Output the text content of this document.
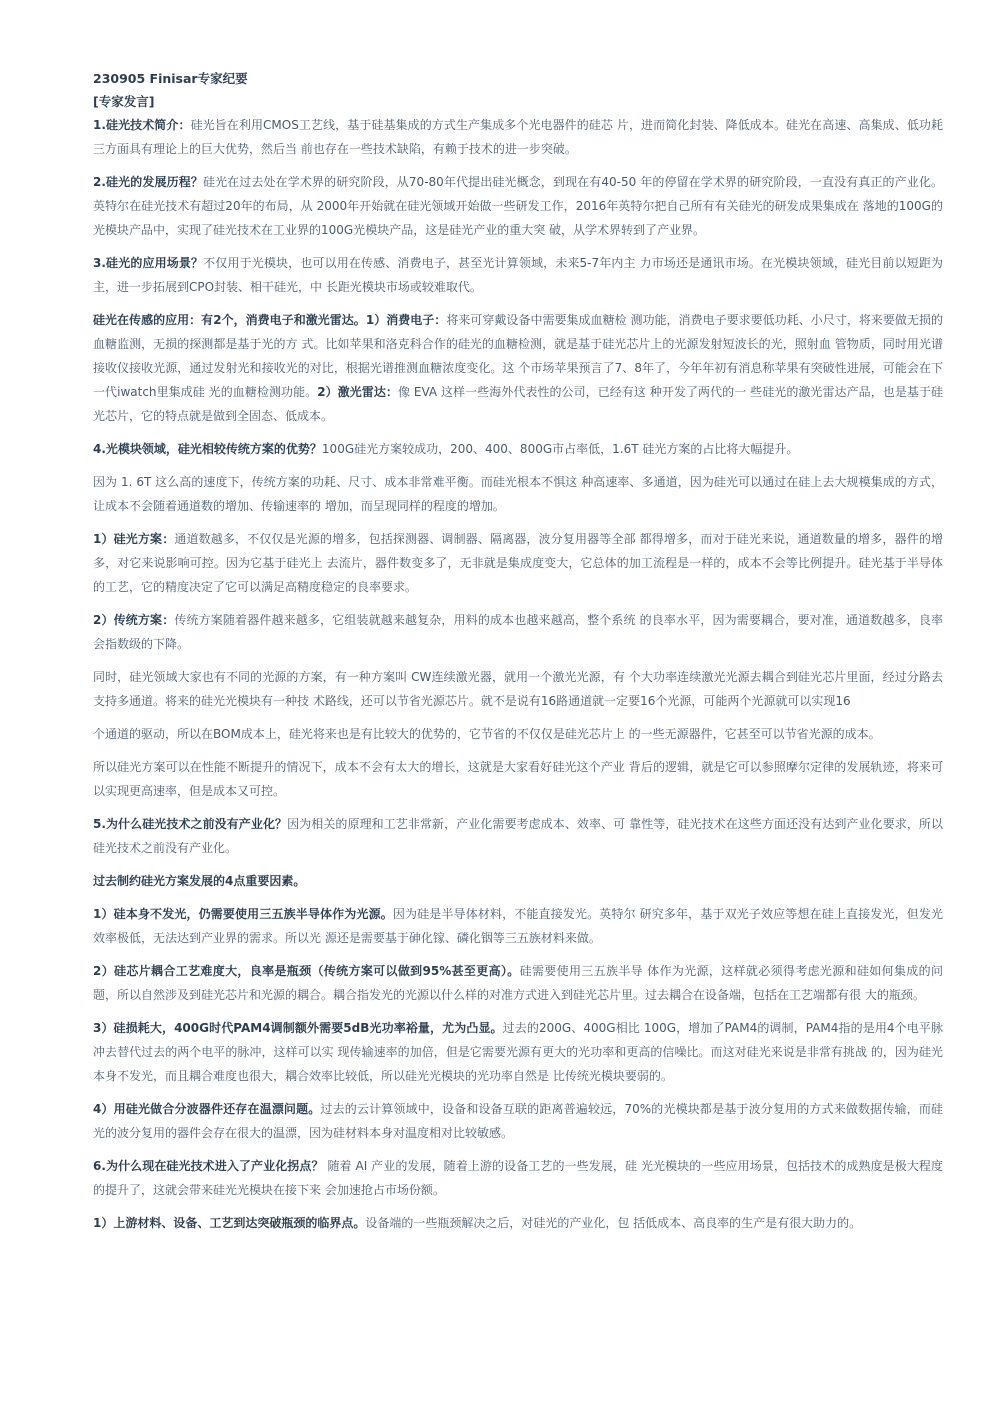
230905 Finisar专家纪要
[专家发言]

1.硅光技术简介：硅光旨在利用CMOS工艺线，基于硅基集成的方式生产集成多个光电器件的硅芯 片，进而简化封装、降低成本。硅光在高速、高集成、低功耗三方面具有理论上的巨大优势，然后当 前也存在一些技术缺陷，有赖于技术的进一步突破。

2.硅光的发展历程？硅光在过去处在学术界的研究阶段，从70-80年代提出硅光概念，到现在有40-50 年的停留在学术界的研究阶段，一直没有真正的产业化。英特尔在硅光技术有超过20年的布局，从 2000年开始就在硅光领域开始做一些研发工作，2016年英特尔把自己所有有关硅光的研发成果集成在 落地的100G的光模块产品中，实现了硅光技术在工业界的100G光模块产品，这是硅光产业的重大突 破，从学术界转到了产业界。

3.硅光的应用场景？不仅用于光模块，也可以用在传感、消费电子，甚至光计算领域，未来5-7年内主 力市场还是通讯市场。在光模块领域，硅光目前以短距为主，进一步拓展到CPO封装、相干硅光，中 长距光模块市场或较难取代。

硅光在传感的应用：有2个，消费电子和激光雷达。1）消费电子：将来可穿戴设备中需要集成血糖检 测功能，消费电子要求要低功耗、小尺寸，将来要做无损的血糖监测，无损的探测都是基于光的方 式。比如苹果和洛克科合作的硅光的血糖检测，就是基于硅光芯片上的光源发射短波长的光，照射血 管物质，同时用光谱接收仪接收光源，通过发射光和接收光的对比，根据光谱推测血糖浓度变化。这 个市场苹果预言了7、8年了，今年年初有消息称苹果有突破性进展，可能会在下一代iwatch里集成硅 光的血糖检测功能。2）激光雷达：像 EVA 这样一些海外代表性的公司，已经有这 种开发了两代的一 些硅光的激光雷达产品，也是基于硅光芯片，它的特点就是做到全固态、低成本。

4.光模块领域，硅光相较传统方案的优势？100G硅光方案较成功，200、400、800G市占率低，1.6T 硅光方案的占比将大幅提升。

因为 1. 6T 这么高的速度下，传统方案的功耗、尺寸、成本非常难平衡。而硅光根本不惧这 种高速率、多通道，因为硅光可以通过在硅上去大规模集成的方式，让成本不会随着通道数的增加、传输速率的 增加，而呈现同样的程度的增加。

1）硅光方案：通道数越多，不仅仅是光源的增多，包括探测器、调制器、隔离器，波分复用器等全部 都得增多，而对于硅光来说，通道数量的增多，器件的增多，对它来说影响可控。因为它基于硅光上 去流片，器件数变多了，无非就是集成度变大，它总体的加工流程是一样的，成本不会等比例提升。硅光基于半导体的工艺，它的精度决定了它可以满足高精度稳定的良率要求。

2）传统方案：传统方案随着器件越来越多，它组装就越来越复杂，用料的成本也越来越高，整个系统 的良率水平，因为需要耦合，要对准，通道数越多，良率会指数级的下降。

同时，硅光领域大家也有不同的光源的方案，有一种方案叫 CW连续激光器，就用一个激光光源，有 个大功率连续激光光源去耦合到硅光芯片里面，经过分路去支持多通道。将来的硅光光模块有一种技 术路线，还可以节省光源芯片。就不是说有16路通道就一定要16个光源，可能两个光源就可以实现16

个通道的驱动，所以在BOM成本上，硅光将来也是有比较大的优势的，它节省的不仅仅是硅光芯片上 的一些无源器件，它甚至可以节省光源的成本。

所以硅光方案可以在性能不断提升的情况下，成本不会有太大的增长，这就是大家看好硅光这个产业 背后的逻辑，就是它可以参照摩尔定律的发展轨迹，将来可以实现更高速率，但是成本又可控。

5.为什么硅光技术之前没有产业化？因为相关的原理和工艺非常新，产业化需要考虑成本、效率、可 靠性等，硅光技术在这些方面还没有达到产业化要求，所以硅光技术之前没有产业化。

过去制约硅光方案发展的4点重要因素。

1）硅本身不发光，仍需要使用三五族半导体作为光源。因为硅是半导体材料，不能直接发光。英特尔 研究多年，基于双光子效应等想在硅上直接发光，但发光效率极低，无法达到产业界的需求。所以光 源还是需要基于砷化镓、磷化铟等三五族材料来做。

2）硅芯片耦合工艺难度大，良率是瓶颈（传统方案可以做到95%甚至更高）。硅需要使用三五族半导 体作为光源，这样就必须得考虑光源和硅如何集成的问题，所以自然涉及到硅光芯片和光源的耦合。耦合指发光的光源以什么样的对准方式进入到硅光芯片里。过去耦合在设备端，包括在工艺端都有很 大的瓶颈。

3）硅损耗大，400G时代PAM4调制额外需要5dB光功率裕量，尤为凸显。过去的200G、400G相比 100G，增加了PAM4的调制，PAM4指的是用4个电平脉冲去替代过去的两个电平的脉冲，这样可以实 现传输速率的加倍，但是它需要光源有更大的光功率和更高的信噪比。而这对硅光来说是非常有挑战 的，因为硅光本身不发光，而且耦合难度也很大，耦合效率比较低，所以硅光光模块的光功率自然是 比传统光模块要弱的。

4）用硅光做合分波器件还存在温漂问题。过去的云计算领域中，设备和设备互联的距离普遍较远，70%的光模块都是基于波分复用的方式来做数据传输，而硅光的波分复用的器件会存在很大的温漂，因为硅材料本身对温度相对比较敏感。

6.为什么现在硅光技术进入了产业化拐点？ 随着 AI 产业的发展，随着上游的设备工艺的一些发展，硅 光光模块的一些应用场景，包括技术的成熟度是极大程度的提升了，这就会带来硅光光模块在接下来 会加速抢占市场份额。

1）上游材料、设备、工艺到达突破瓶颈的临界点。设备端的一些瓶颈解决之后，对硅光的产业化，包 括低成本、高良率的生产是有很大助力的。
